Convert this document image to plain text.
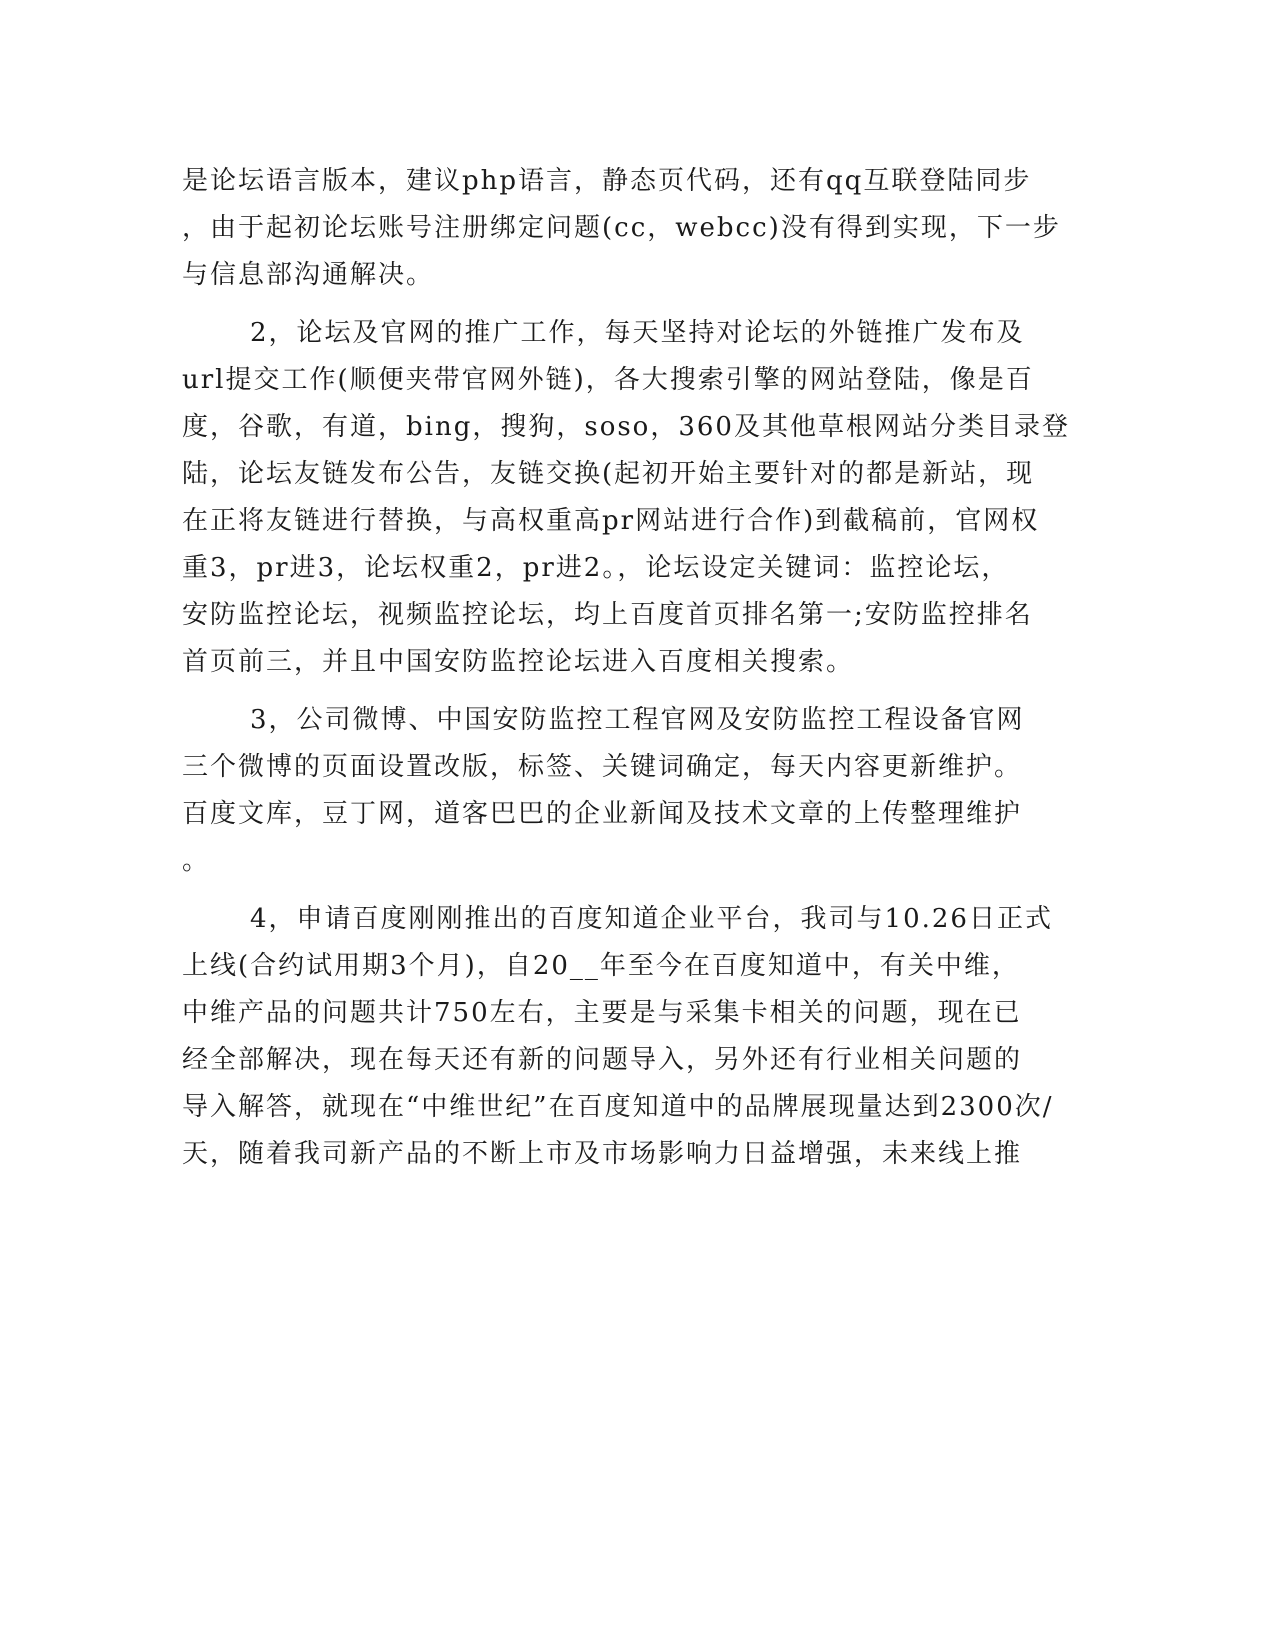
是论坛语言版本，建议php语言，静态页代码，还有qq互联登陆同步
，由于起初论坛账号注册绑定问题(cc，webcc)没有得到实现，下一步
与信息部沟通解决。
2，论坛及官网的推广工作，每天坚持对论坛的外链推广发布及
url提交工作(顺便夹带官网外链)，各大搜索引擎的网站登陆，像是百
度，谷歌，有道，bing，搜狗，soso，360及其他草根网站分类目录登
陆，论坛友链发布公告，友链交换(起初开始主要针对的都是新站，现
在正将友链进行替换，与高权重高pr网站进行合作)到截稿前，官网权
重3，pr进3，论坛权重2，pr进2。，论坛设定关键词：监控论坛，
安防监控论坛，视频监控论坛，均上百度首页排名第一;安防监控排名
首页前三，并且中国安防监控论坛进入百度相关搜索。
3，公司微博、中国安防监控工程官网及安防监控工程设备官网
三个微博的页面设置改版，标签、关键词确定，每天内容更新维护。
百度文库，豆丁网，道客巴巴的企业新闻及技术文章的上传整理维护
。
4，申请百度刚刚推出的百度知道企业平台，我司与10.26日正式
上线(合约试用期3个月)，自20__年至今在百度知道中，有关中维，
中维产品的问题共计750左右，主要是与采集卡相关的问题，现在已
经全部解决，现在每天还有新的问题导入，另外还有行业相关问题的
导入解答，就现在“中维世纪”在百度知道中的品牌展现量达到2300次/
天，随着我司新产品的不断上市及市场影响力日益增强，未来线上推
